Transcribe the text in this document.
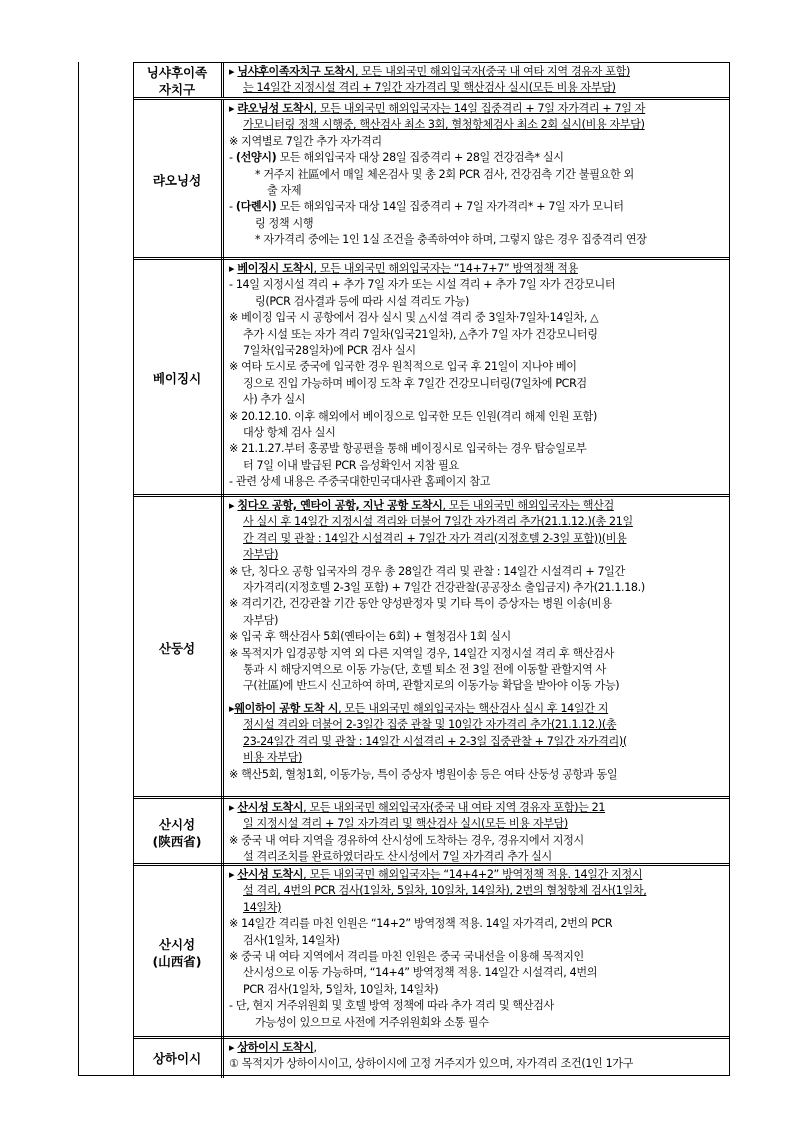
닝샤후이족
자치구
▸ 닝샤후이족자치구 도착시, 모든 내외국민 해외입국자(중국 내 여타 지역 경유자 포함)
는 14일간 지정시설 격리 + 7일간 자가격리 및 핵산검사 실시(모든 비용 자부담)
랴오닝성
▸ 랴오닝성 도착시, 모든 내외국민 해외입국자는 14일 집중격리 + 7일 자가격리 + 7일 자
가모니터링 정책 시행중, 핵산검사 최소 3회, 혈청항체검사 최소 2회 실시(비용 자부담)
※ 지역별로 7일간 추가 자가격리
- (선양시) 모든 해외입국자 대상 28일 집중격리 + 28일 건강검측* 실시
* 거주지 社區에서 매일 체온검사 및 총 2회 PCR 검사, 건강검측 기간 불필요한 외
출 자제
- (다롄시) 모든 해외입국자 대상 14일 집중격리 + 7일 자가격리* + 7일 자가 모니터
링 정책 시행
* 자가격리 중에는 1인 1실 조건을 충족하여야 하며, 그렇지 않은 경우 집중격리 연장
베이징시
▸ 베이징시 도착시, 모든 내외국민 해외입국자는 “14+7+7” 방역정책 적용
- 14일 지정시설 격리 + 추가 7일 자가 또는 시설 격리 + 추가 7일 자가 건강모니터
링(PCR 검사결과 등에 따라 시설 격리도 가능)
※ 베이징 입국 시 공항에서 검사 실시 및 △시설 격리 중 3일차·7일차·14일차, △
추가 시설 또는 자가 격리 7일차(입국21일차), △추가 7일 자가 건강모니터링
7일차(입국28일차)에 PCR 검사 실시
※ 여타 도시로 중국에 입국한 경우 원칙적으로 입국 후 21일이 지나야 베이
징으로 진입 가능하며 베이징 도착 후 7일간 건강모니터링(7일차에 PCR검
사) 추가 실시
※ 20.12.10. 이후 해외에서 베이징으로 입국한 모든 인원(격리 해제 인원 포함)
대상 항체 검사 실시
※ 21.1.27.부터 홍콩발 항공편을 통해 베이징시로 입국하는 경우 탑승일로부
터 7일 이내 발급된 PCR 음성확인서 지참 필요
- 관련 상세 내용은 주중국대한민국대사관 홈페이지 참고
산둥성
▸ 칭다오 공항, 옌타이 공항, 지난 공항 도착시, 모든 내외국민 해외입국자는 핵산검
사 실시 후 14일간 지정시설 격리와 더불어 7일간 자가격리 추가(21.1.12.)(총 21일
간 격리 및 관찰 : 14일간 시설격리 + 7일간 자가 격리(지정호텔 2-3일 포함))(비용
자부담)
※ 단, 칭다오 공항 입국자의 경우 총 28일간 격리 및 관찰 : 14일간 시설격리 + 7일간
자가격리(지정호텔 2-3일 포함) + 7일간 건강관찰(공공장소 출입금지) 추가(21.1.18.)
※ 격리기간, 건강관찰 기간 동안 양성판정자 및 기타 특이 증상자는 병원 이송(비용
자부담)
※ 입국 후 핵산검사 5회(옌타이는 6회) + 혈청검사 1회 실시
※ 목적지가 입경공항 지역 외 다른 지역일 경우, 14일간 지정시설 격리 후 핵산검사
통과 시 해당지역으로 이동 가능(단, 호텔 퇴소 전 3일 전에 이동할 관할지역 사
구(社區)에 반드시 신고하여 하며, 관할지로의 이동가능 확답을 받아야 이동 가능)
▸웨이하이 공항 도착 시, 모든 내외국민 해외입국자는 핵산검사 실시 후 14일간 지
정시설 격리와 더불어 2-3일간 집중 관찰 및 10일간 자가격리 추가(21.1.12.)(총
23-24일간 격리 및 관찰 : 14일간 시설격리 + 2-3일 집중관찰 + 7일간 자가격리)(
비용 자부담)
※ 핵산5회, 혈청1회, 이동가능, 특이 증상자 병원이송 등은 여타 산둥성 공항과 동일
산시성
(陕西省)
▸ 산시성 도착시, 모든 내외국민 해외입국자(중국 내 여타 지역 경유자 포함)는 21
일 지정시설 격리 + 7일 자가격리 및 핵산검사 실시(모든 비용 자부담)
※ 중국 내 여타 지역을 경유하여 산시성에 도착하는 경우, 경유지에서 지정시
설 격리조치를 완료하였더라도 산시성에서 7일 자가격리 추가 실시
산시성
(山西省)
▸ 산시성 도착시, 모든 내외국민 해외입국자는 “14+4+2” 방역정책 적용. 14일간 지정시
설 격리, 4번의 PCR 검사(1일차, 5일차, 10일차, 14일차), 2번의 혈청항체 검사(1일차,
14일차)
※ 14일간 격리를 마친 인원은 “14+2” 방역정책 적용. 14일 자가격리, 2번의 PCR
검사(1일차, 14일차)
※ 중국 내 여타 지역에서 격리를 마친 인원은 중국 국내선을 이용해 목적지인
산시성으로 이동 가능하며, “14+4” 방역정책 적용. 14일간 시설격리, 4번의
PCR 검사(1일차, 5일차, 10일차, 14일차)
- 단, 현지 거주위원회 및 호텔 방역 정책에 따라 추가 격리 및 핵산검사
가능성이 있으므로 사전에 거주위원회와 소통 필수
상하이시
▸ 상하이시 도착시,
① 목적지가 상하이시이고, 상하이시에 고정 거주지가 있으며, 자가격리 조건(1인 1가구
